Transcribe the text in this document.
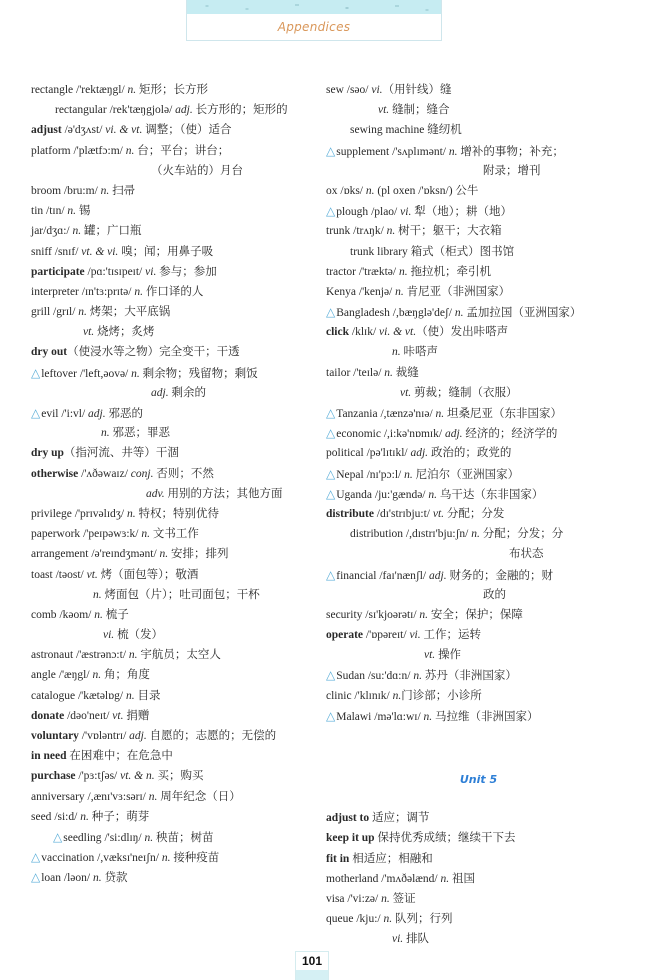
Appendices
rectangle /'rektæŋgl/ n. 矩形；长方形
rectangular /rek'tæŋgjolə/ adj. 长方形的；矩形的
adjust /ə'dʒʌst/ vi. & vt. 调整；（使）适合
platform /'plætfɔ:m/ n. 台；平台；讲台；
（火车站的）月台
broom /bru:m/ n. 扫帚
tin /tɪn/ n. 锡
jar/dʒɑ:/ n. 罐；广口瓶
sniff /snɪf/ vt. & vi. 嗅；闻；用鼻子吸
participate /pɑ:'tɪsɪpeɪt/ vi. 参与；参加
interpreter /ɪn'tɜ:prɪtə/ n. 作口译的人
grill /grɪl/ n. 烤架；大平底锅
vt. 烧烤；炙烤
dry out（使浸水等之物）完全变干；干透
△leftover /'left,əovə/ n. 剩余物；残留物；剩饭
adj. 剩余的
△evil /'i:vl/ adj. 邪恶的
n. 邪恶；罪恶
dry up（指河流、井等）干涸
otherwise /'ʌðəwaɪz/ conj. 否则；不然
adv. 用别的方法；其他方面
privilege /'prɪvəlɪdʒ/ n. 特权；特别优待
paperwork /'peɪpəwɜ:k/ n. 文书工作
arrangement /ə'reɪndʒmənt/ n. 安排；排列
toast /təost/ vt. 烤（面包等）；敬酒
n. 烤面包（片）；吐司面包；干杯
comb /kəom/ n. 梳子
vi. 梳（发）
astronaut /'æstrənɔ:t/ n. 宇航员；太空人
angle /'æŋgl/ n. 角；角度
catalogue /'kætəlɒg/ n. 目录
donate /dəo'neɪt/ vt. 捐赠
voluntary /'vɒləntrɪ/ adj. 自愿的；志愿的；无偿的
in need 在困难中；在危急中
purchase /'pɜ:tʃəs/ vt. & n. 买；购买
anniversary /,ænɪ'vɜ:sərɪ/ n. 周年纪念（日）
seed /si:d/ n. 种子；萌芽
△seedling /'si:dlɪŋ/ n. 秧苗；树苗
△vaccination /,væksɪ'neɪʃn/ n. 接种疫苗
△loan /ləon/ n. 贷款
sew /səo/ vi.（用针线）缝
vt. 缝制；缝合
sewing machine 缝纫机
△supplement /'sʌplɪmənt/ n. 增补的事物；补充；
附录；增刊
ox /ɒks/ n. (pl oxen /'ɒksn/) 公牛
△plough /plao/ vi. 犁（地）；耕（地）
trunk /trʌŋk/ n. 树干；躯干；大衣箱
trunk library 箱式（柜式）图书馆
tractor /'træktə/ n. 拖拉机；牵引机
Kenya /'kenjə/ n. 肯尼亚（非洲国家）
△Bangladesh /,bæŋglə'deʃ/ n. 孟加拉国（亚洲国家）
click /klɪk/ vi. & vt.（使）发出咔嗒声
n. 咔嗒声
tailor /'teɪlə/ n. 裁缝
vt. 剪裁；缝制（衣服）
△Tanzania /,tænzə'nɪə/ n. 坦桑尼亚（东非国家）
△economic /,i:kə'nɒmɪk/ adj. 经济的；经济学的
political /pə'lɪtɪkl/ adj. 政治的；政党的
△Nepal /nɪ'pɔ:l/ n. 尼泊尔（亚洲国家）
△Uganda /ju:'gændə/ n. 乌干达（东非国家）
distribute /dɪ'strɪbju:t/ vt. 分配；分发
distribution /,dɪstrɪ'bju:ʃn/ n. 分配；分发；分
布状态
△financial /faɪ'nænʃl/ adj. 财务的；金融的；财
政的
security /sɪ'kjoərətɪ/ n. 安全；保护；保障
operate /'ɒpəreɪt/ vi. 工作；运转
vt. 操作
△Sudan /su:'dɑ:n/ n. 苏丹（非洲国家）
clinic /'klɪnɪk/ n.门诊部；小诊所
△Malawi /mə'lɑ:wɪ/ n. 马拉维（非洲国家）
Unit 5
adjust to 适应；调节
keep it up 保持优秀成绩；继续干下去
fit in 相适应；相融和
motherland /'mʌðəlænd/ n. 祖国
visa /'vi:zə/ n. 签证
queue /kju:/ n. 队列；行列
vi. 排队
101
